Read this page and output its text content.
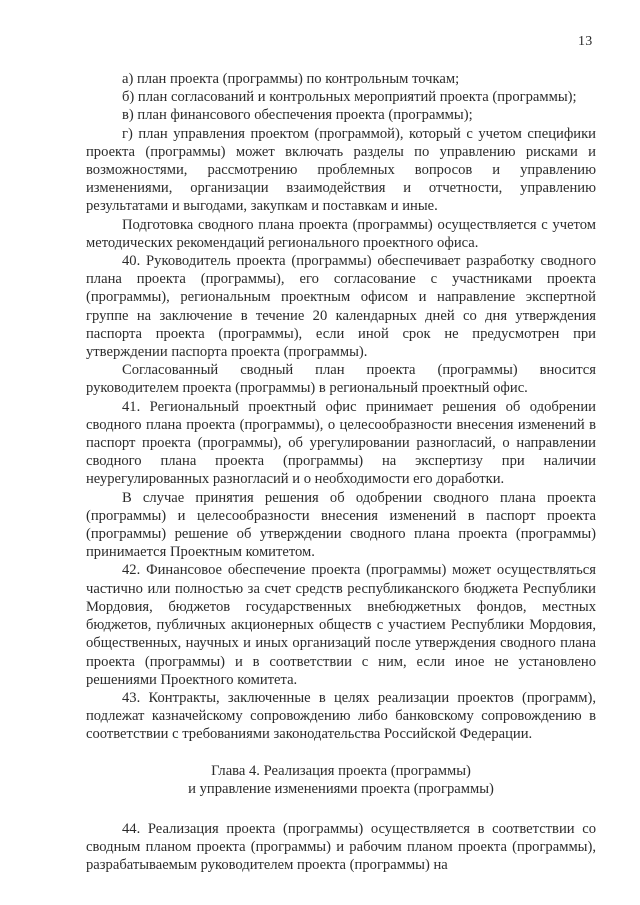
13

а) план проекта (программы) по контрольным точкам;

б) план согласований и контрольных мероприятий проекта (программы);

в) план финансового обеспечения проекта (программы);

г) план управления проектом (программой), который с учетом специфики проекта (программы) может включать разделы по управлению рисками и возможностями, рассмотрению проблемных вопросов и управлению изменениями, организации взаимодействия и отчетности, управлению результатами и выгодами, закупкам и поставкам и иные.

Подготовка сводного плана проекта (программы) осуществляется с учетом методических рекомендаций регионального проектного офиса.

40. Руководитель проекта (программы) обеспечивает разработку сводного плана проекта (программы), его согласование с участниками проекта (программы), региональным проектным офисом и направление экспертной группе на заключение в течение 20 календарных дней со дня утверждения паспорта проекта (программы), если иной срок не предусмотрен при утверждении паспорта проекта (программы).

Согласованный сводный план проекта (программы) вносится руководителем проекта (программы) в региональный проектный офис.

41. Региональный проектный офис принимает решения об одобрении сводного плана проекта (программы), о целесообразности внесения изменений в паспорт проекта (программы), об урегулировании разногласий, о направлении сводного плана проекта (программы) на экспертизу при наличии неурегулированных разногласий и о необходимости его доработки.

В случае принятия решения об одобрении сводного плана проекта (программы) и целесообразности внесения изменений в паспорт проекта (программы) решение об утверждении сводного плана проекта (программы) принимается Проектным комитетом.

42. Финансовое обеспечение проекта (программы) может осуществляться частично или полностью за счет средств республиканского бюджета Республики Мордовия, бюджетов государственных внебюджетных фондов, местных бюджетов, публичных акционерных обществ с участием Республики Мордовия, общественных, научных и иных организаций после утверждения сводного плана проекта (программы) и в соответствии с ним, если иное не установлено решениями Проектного комитета.

43. Контракты, заключенные в целях реализации проектов (программ), подлежат казначейскому сопровождению либо банковскому сопровождению в соответствии с требованиями законодательства Российской Федерации.

Глава 4. Реализация проекта (программы)
и управление изменениями проекта (программы)

44. Реализация проекта (программы) осуществляется в соответствии со сводным планом проекта (программы) и рабочим планом проекта (программы), разрабатываемым руководителем проекта (программы) на
